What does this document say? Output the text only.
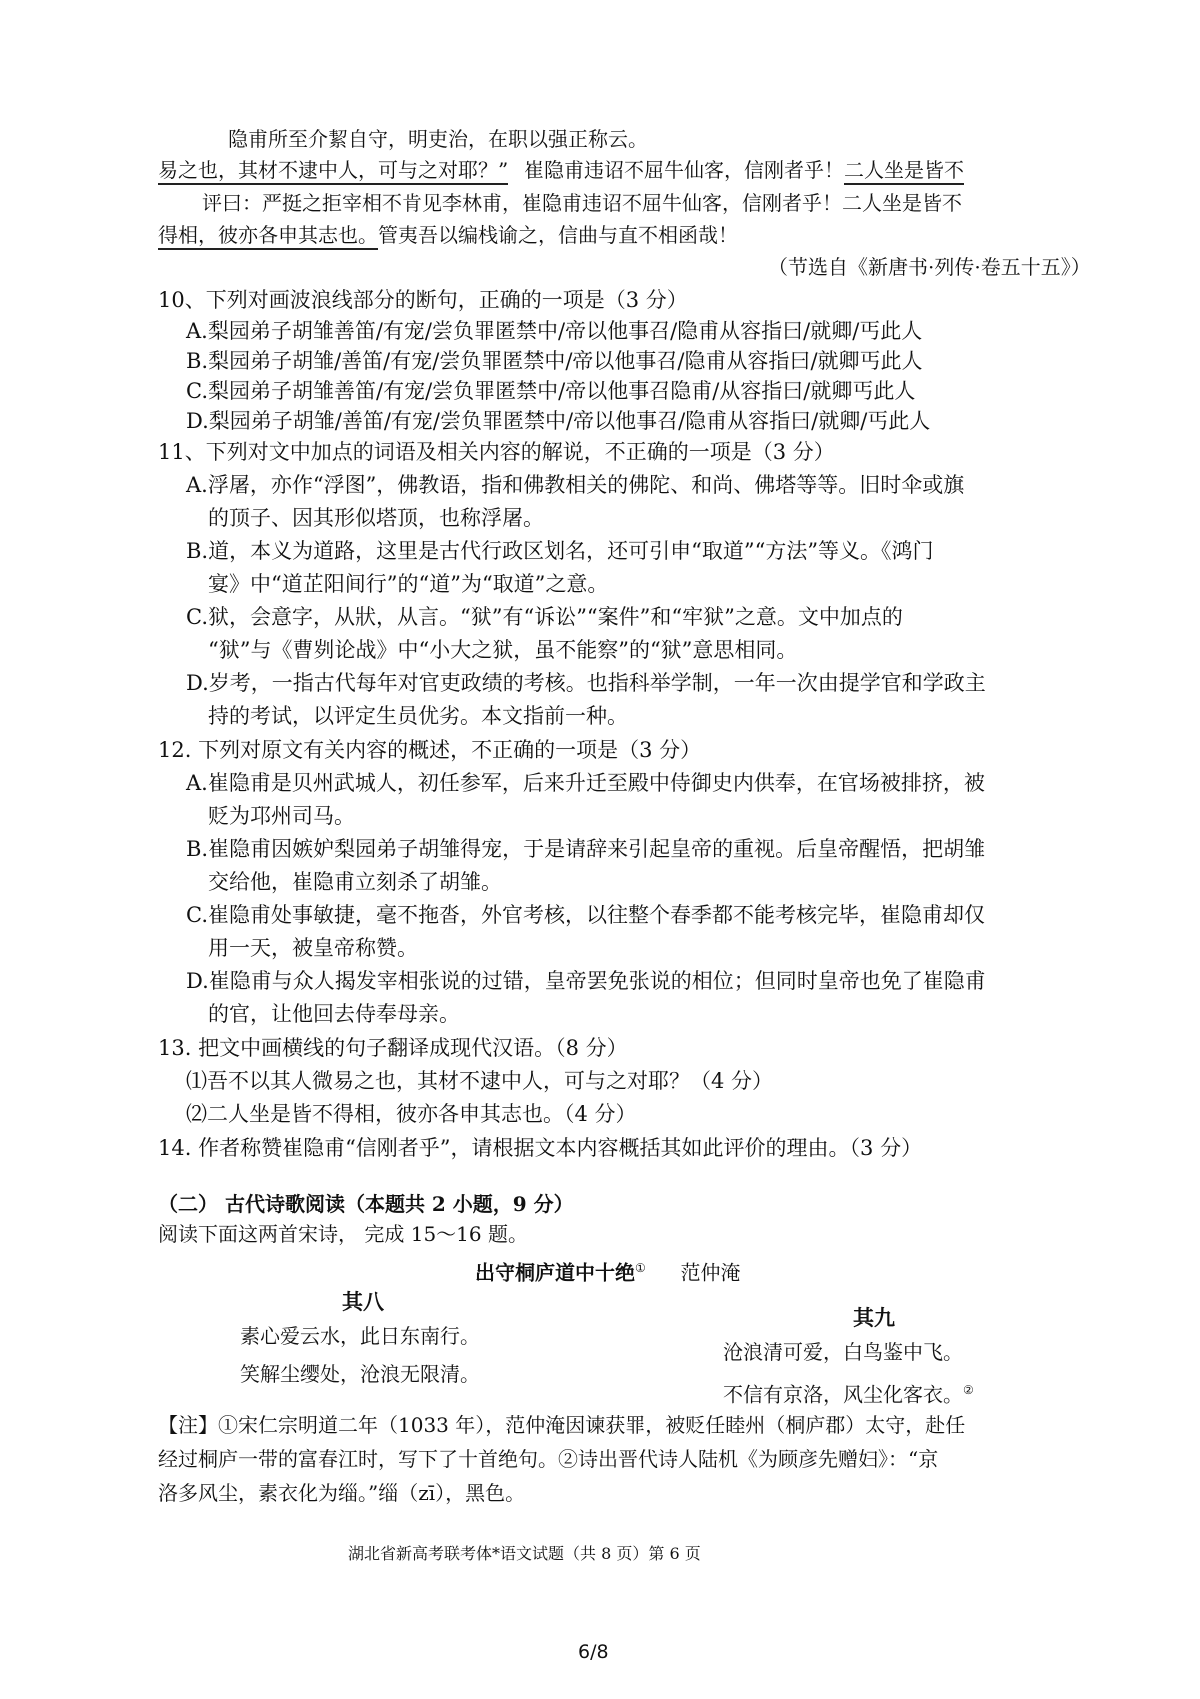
隐甫所至介絜自守，明吏治，在职以强正称云。
易之也，其材不逮中人，可与之对耶？” 崔隐甫违诏不屈牛仙客，信刚者乎！二人坐是皆不
评曰：严挺之拒宰相不肯见李林甫，崔隐甫违诏不屈牛仙客，信刚者乎！二人坐是皆不
得相，彼亦各申其志也。管夷吾以编栈谕之，信曲与直不相函哉！
（节选自《新唐书·列传·卷五十五》）
10、下列对画波浪线部分的断句，正确的一项是（3 分）
A.梨园弟子胡雏善笛/有宠/尝负罪匿禁中/帝以他事召/隐甫从容指曰/就卿/丐此人
B.梨园弟子胡雏/善笛/有宠/尝负罪匿禁中/帝以他事召/隐甫从容指曰/就卿丐此人
C.梨园弟子胡雏善笛/有宠/尝负罪匿禁中/帝以他事召隐甫/从容指曰/就卿丐此人
D.梨园弟子胡雏/善笛/有宠/尝负罪匿禁中/帝以他事召/隐甫从容指曰/就卿/丐此人
11、下列对文中加点的词语及相关内容的解说，不正确的一项是（3 分）
A.浮屠，亦作“浮图”，佛教语，指和佛教相关的佛陀、和尚、佛塔等等。旧时伞或旗
的顶子、因其形似塔顶，也称浮屠。
B.道，本义为道路，这里是古代行政区划名，还可引申“取道”“方法”等义。《鸿门
宴》中“道芷阳间行”的“道”为“取道”之意。
C.狱，会意字，从狀，从言。“狱”有“诉讼”“案件”和“牢狱”之意。文中加点的
“狱”与《曹刿论战》中“小大之狱，虽不能察”的“狱”意思相同。
D.岁考，一指古代每年对官吏政绩的考核。也指科举学制，一年一次由提学官和学政主
持的考试，以评定生员优劣。本文指前一种。
12. 下列对原文有关内容的概述，不正确的一项是（3 分）
A.崔隐甫是贝州武城人，初任参军，后来升迁至殿中侍御史内供奉，在官场被排挤，被
贬为邛州司马。
B.崔隐甫因嫉妒梨园弟子胡雏得宠，于是请辞来引起皇帝的重视。后皇帝醒悟，把胡雏
交给他，崔隐甫立刻杀了胡雏。
C.崔隐甫处事敏捷，毫不拖沓，外官考核，以往整个春季都不能考核完毕，崔隐甫却仅
用一天，被皇帝称赞。
D.崔隐甫与众人揭发宰相张说的过错，皇帝罢免张说的相位；但同时皇帝也免了崔隐甫
的官，让他回去侍奉母亲。
13. 把文中画横线的句子翻译成现代汉语。（8 分）
⑴吾不以其人微易之也，其材不逮中人，可与之对耶？（4 分）
⑵二人坐是皆不得相，彼亦各申其志也。（4 分）
14. 作者称赞崔隐甫“信刚者乎”，请根据文本内容概括其如此评价的理由。（3 分）
（二） 古代诗歌阅读（本题共 2 小题，9 分）
阅读下面这两首宋诗， 完成 15～16 题。
出守桐庐道中十绝① 范仲淹
其八
素心爱云水，此日东南行。
笑解尘缨处，沧浪无限清。
其九
沧浪清可爱，白鸟鉴中飞。
不信有京洛，风尘化客衣。②
【注】①宋仁宗明道二年（1033 年），范仲淹因谏获罪，被贬任睦州（桐庐郡）太守，赴任
经过桐庐一带的富春江时，写下了十首绝句。②诗出晋代诗人陆机《为顾彦先赠妇》：“京
洛多风尘，素衣化为缁。”缁（zī），黑色。
湖北省新高考联考体*语文试题（共 8 页）第 6 页
6/8
